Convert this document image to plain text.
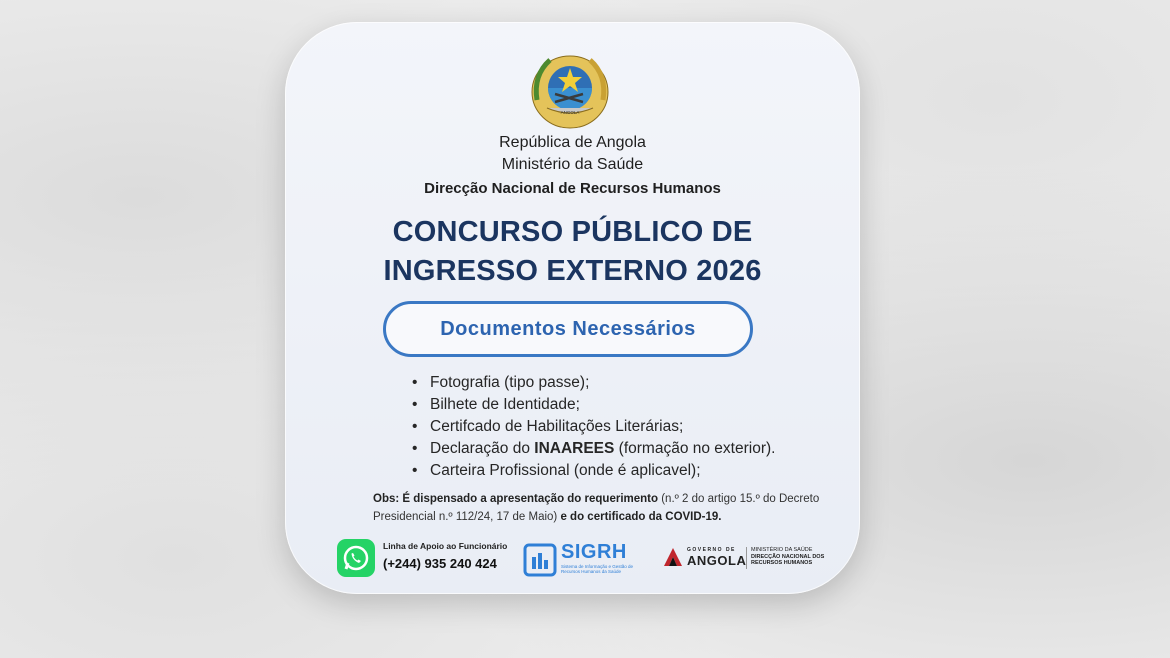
ANGOLA
República de Angola
Ministério da Saúde
Direcção Nacional de Recursos Humanos
CONCURSO PÚBLICO DE
INGRESSO EXTERNO 2026
Documentos Necessários
• Fotografia (tipo passe);
• Bilhete de Identidade;
• Certifcado de Habilitações Literárias;
• Declaração do INAAREES (formação no exterior).
• Carteira Profissional (onde é aplicavel);
Obs: É dispensado a apresentação do requerimento (n.º 2 do artigo 15.º do Decreto Presidencial n.º 112/24, 17 de Maio) e do certificado da COVID-19.
Linha de Apoio ao Funcionário
(+244) 935 240 424
SIGRH
Sistema de Informação e Gestão de Recursos Humanos da Saúde
GOVERNO DE
ANGOLA
MINISTÉRIO DA SAÚDE
DIRECÇÃO NACIONAL DOS
RECURSOS HUMANOS
